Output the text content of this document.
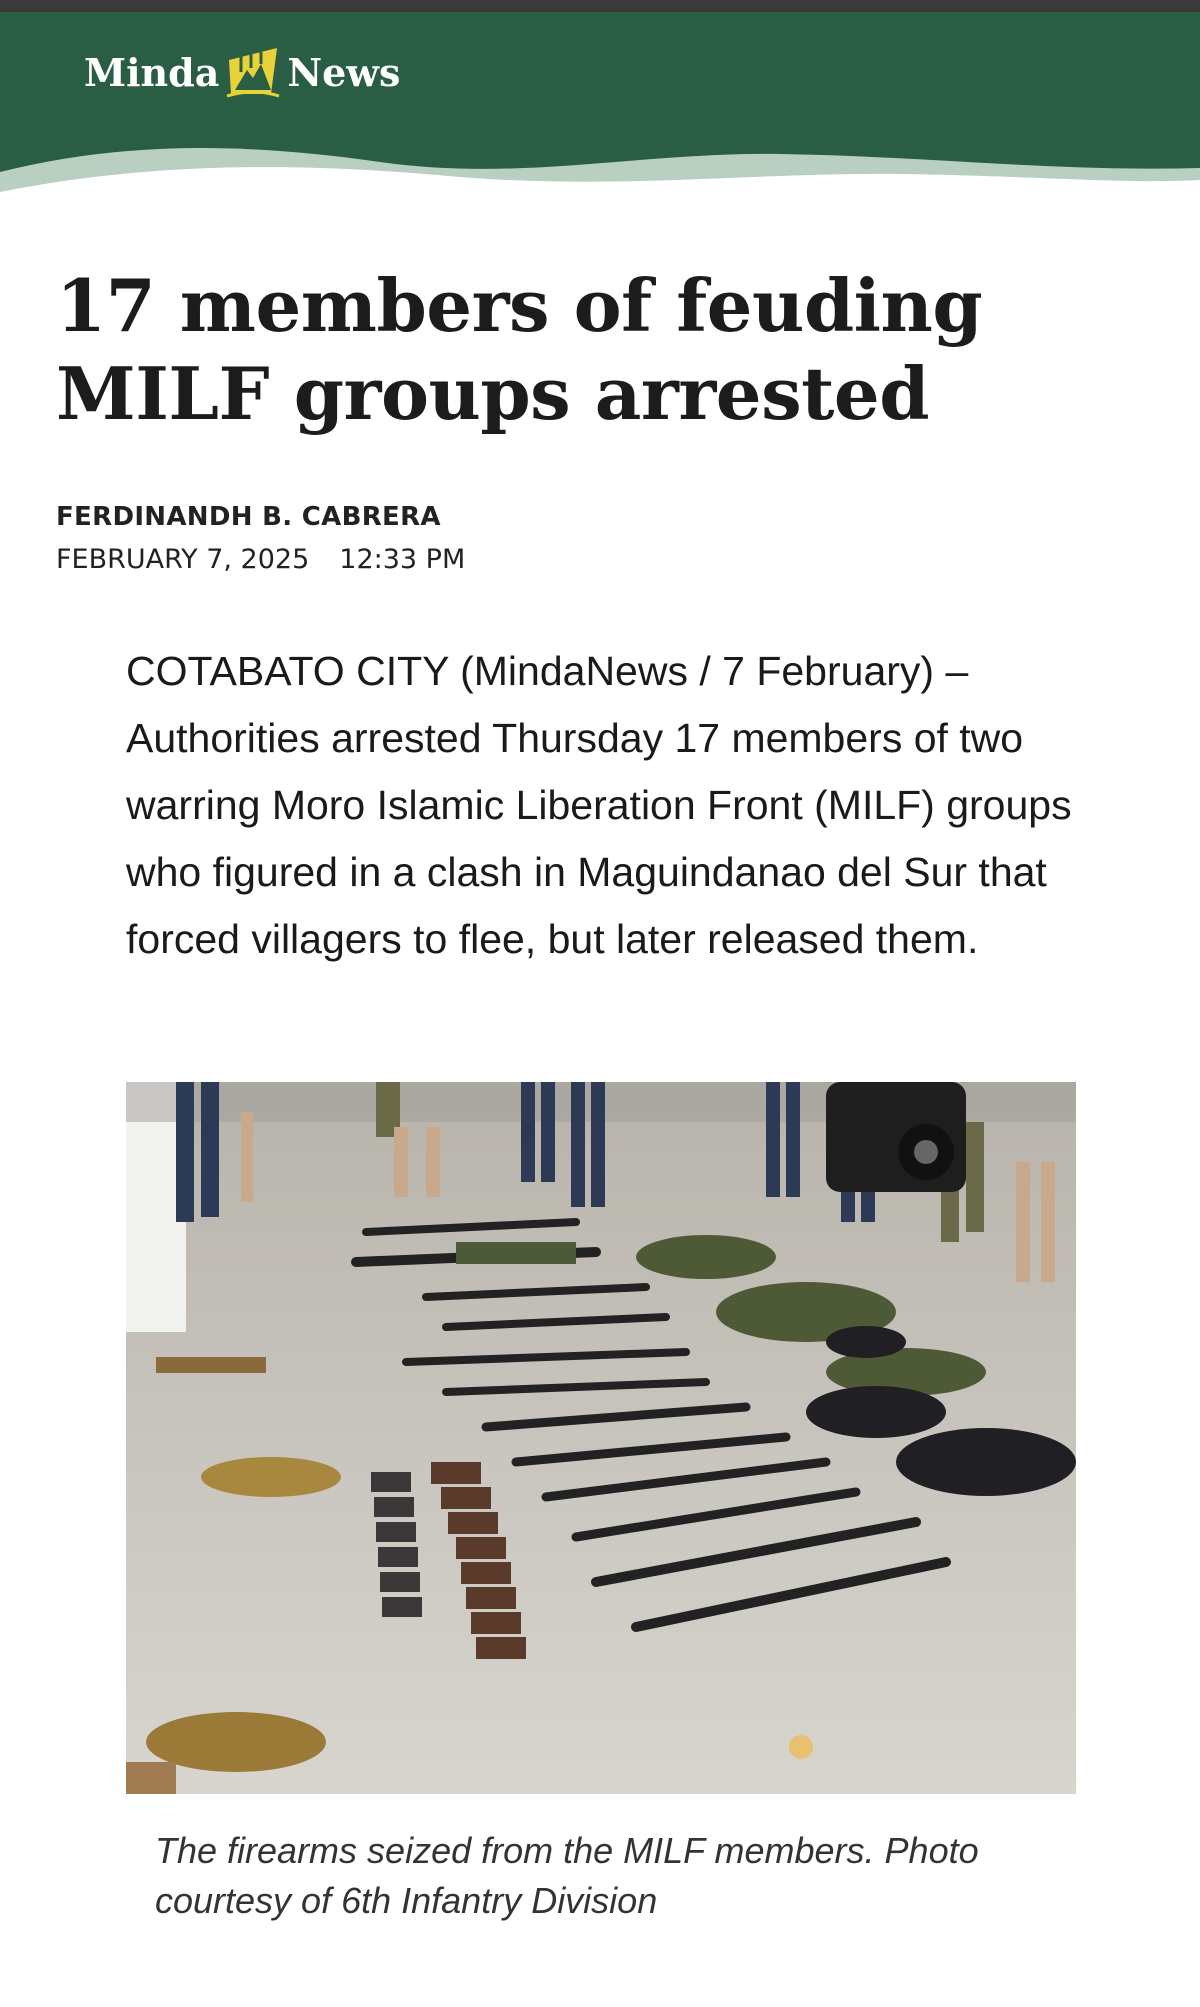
Minda News
17 members of feuding MILF groups arrested
FERDINANDH B. CABRERA
FEBRUARY 7, 2025 12:33 PM

COTABATO CITY (MindaNews / 7 February) – Authorities arrested Thursday 17 members of two warring Moro Islamic Liberation Front (MILF) groups who figured in a clash in Maguindanao del Sur that forced villagers to flee, but later released them.

The firearms seized from the MILF members. Photo courtesy of 6th Infantry Division
